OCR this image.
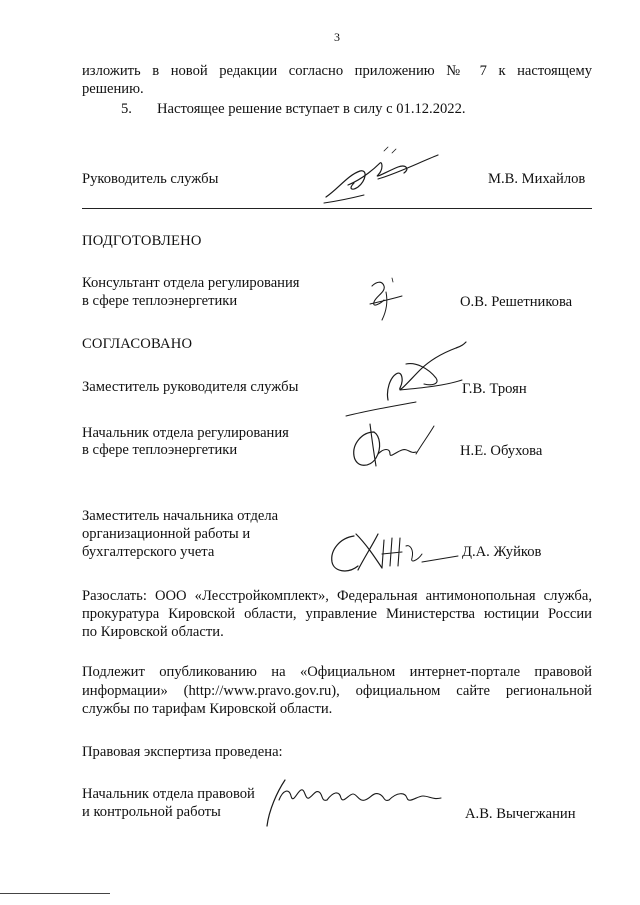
3

изложить в новой редакции согласно приложению № 7 к настоящему

решению.

5. Настоящее решение вступает в силу с 01.12.2022.

Руководитель службы	М.В. Михайлов

ПОДГОТОВЛЕНО

Консультант отдела регулирования

в сфере теплоэнергетики	О.В. Решетникова

СОГЛАСОВАНО

Заместитель руководителя службы	Г.В. Троян

Начальник отдела регулирования

в сфере теплоэнергетики	Н.Е. Обухова

Заместитель начальника отдела

организационной работы и

бухгалтерского учета	Д.А. Жуйков

Разослать: ООО «Лесстройкомплект», Федеральная антимонопольная служба,
прокуратура Кировской области, управление Министерства юстиции России

по Кировской области.

Подлежит опубликованию на «Официальном интернет-портале правовой
информации» (http://www.pravo.gov.ru), официальном сайте региональной

службы по тарифам Кировской области.

Правовая экспертиза проведена:

Начальник отдела правовой

и контрольной работы	А.В. Вычегжанин
